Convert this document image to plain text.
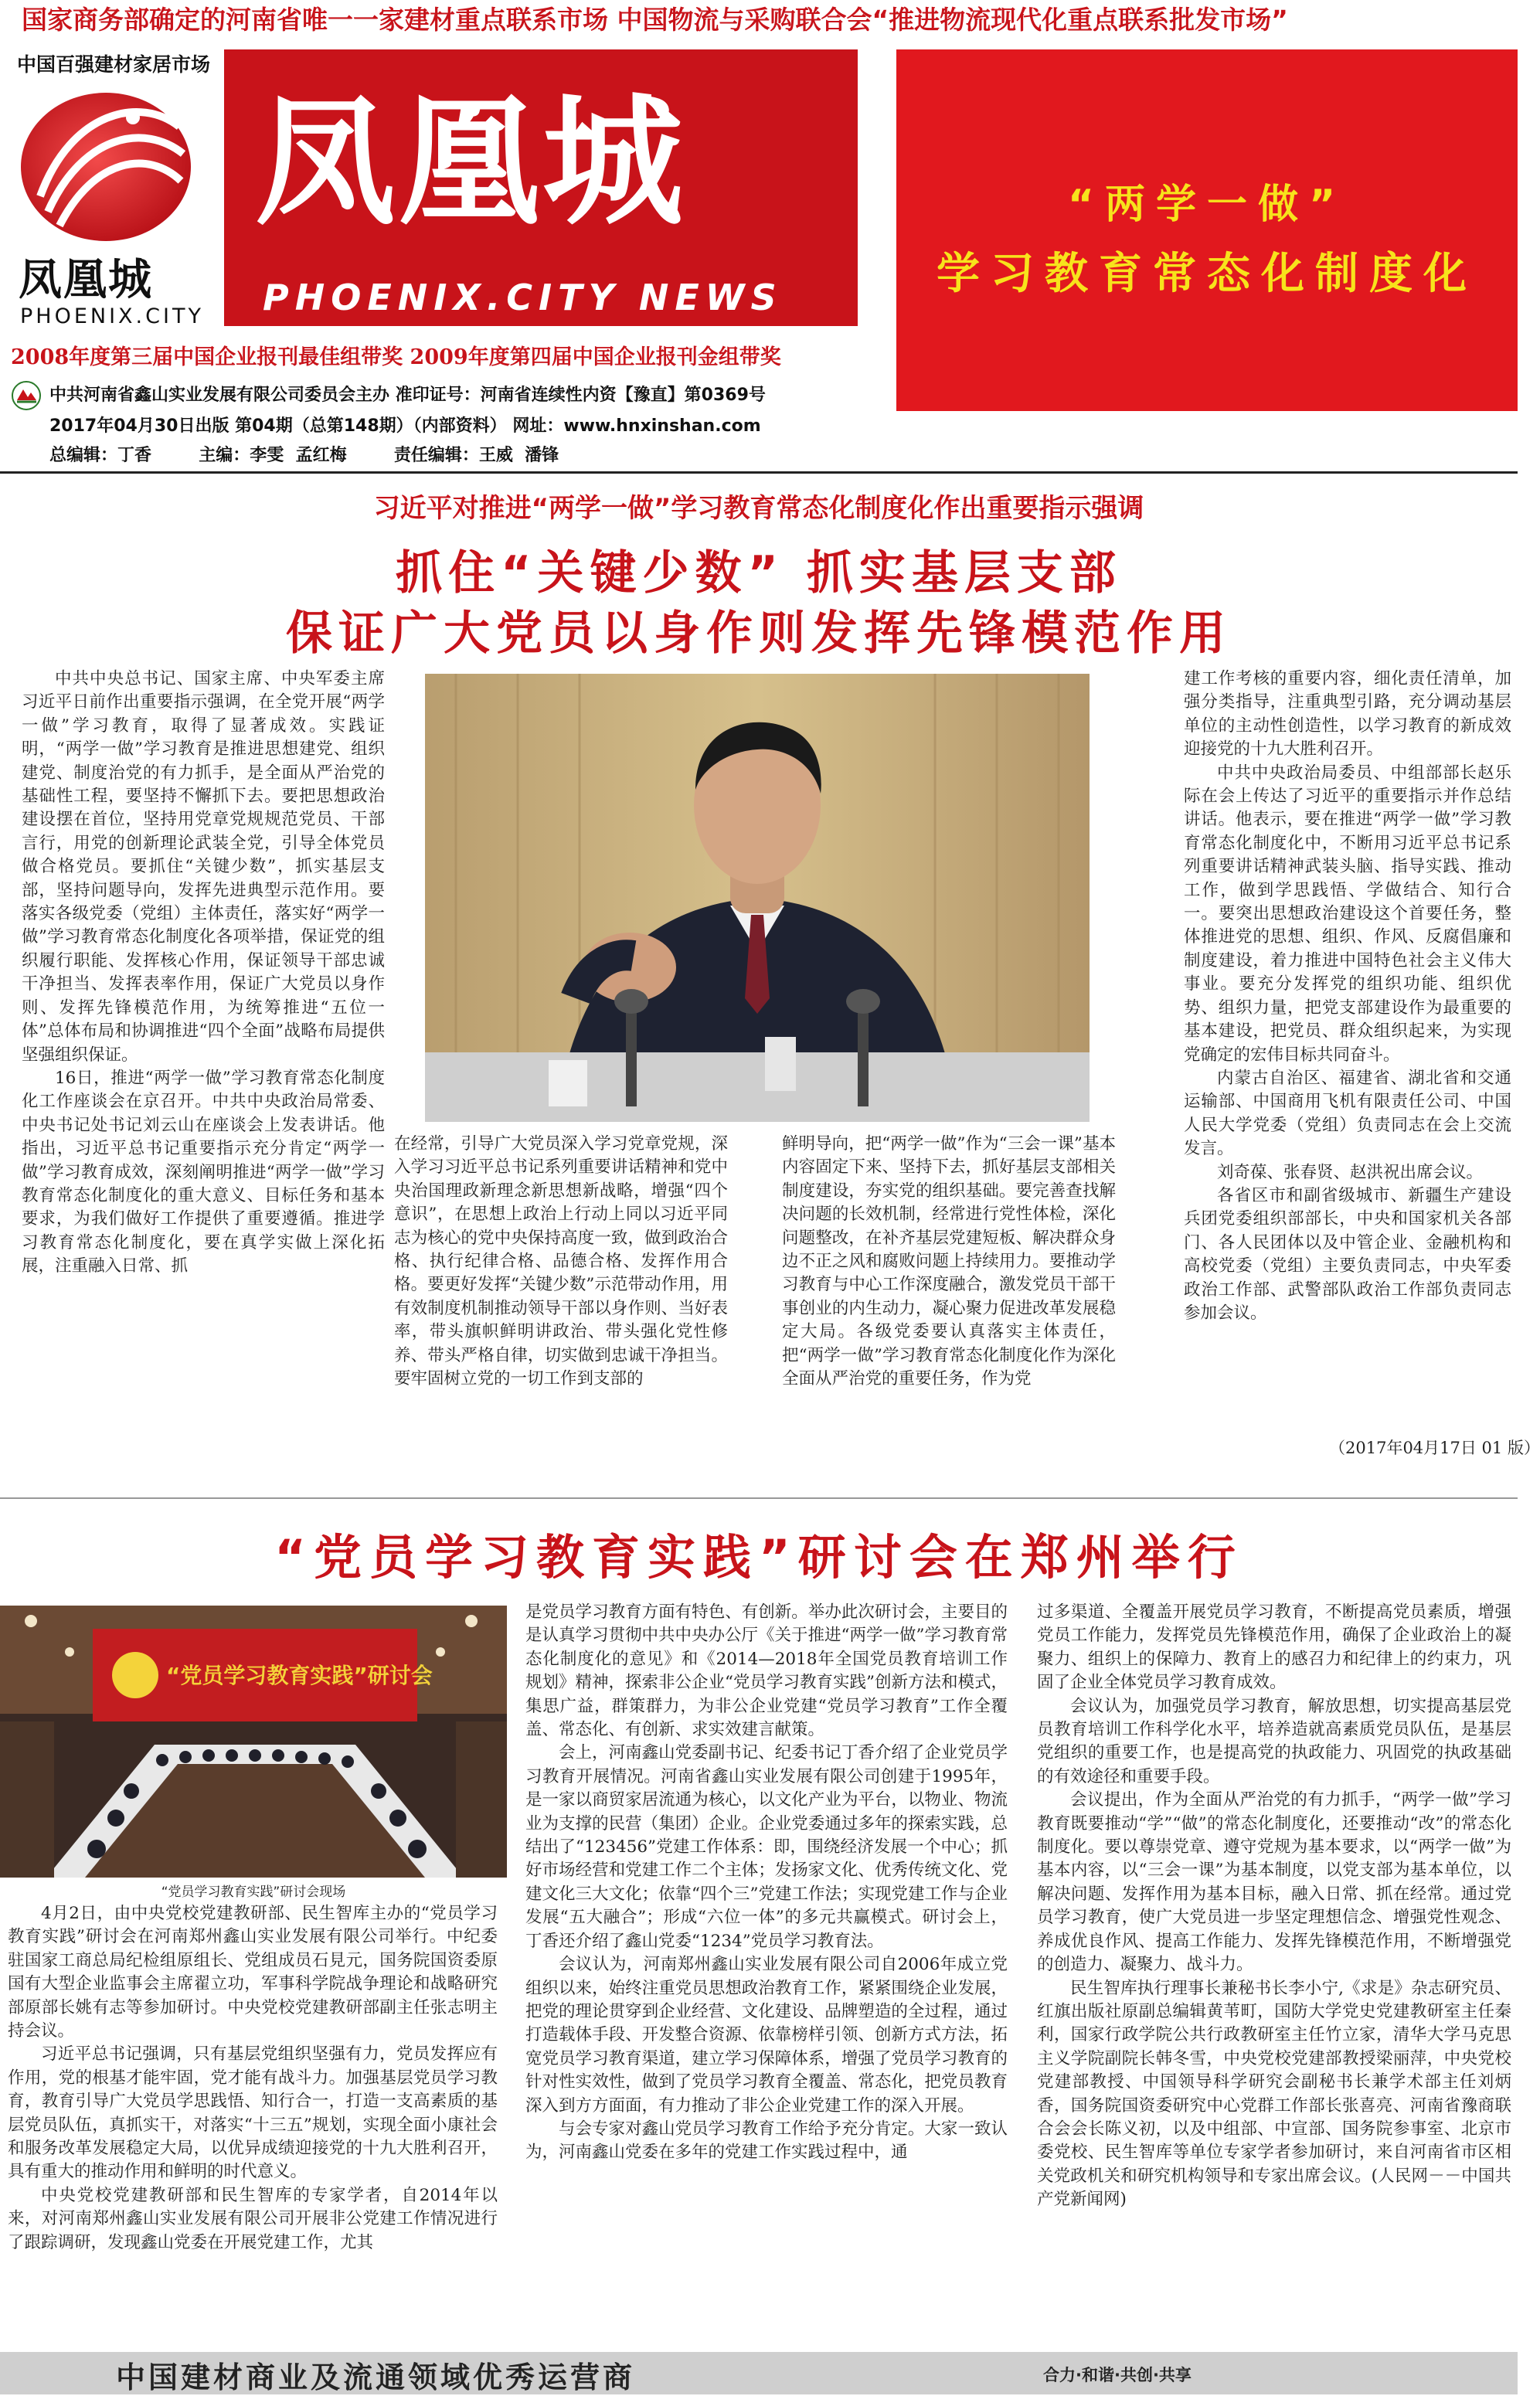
国家商务部确定的河南省唯一一家建材重点联系市场 中国物流与采购联合会“推进物流现代化重点联系批发市场”
中国百强建材家居市场
凤凰城
PHOENIX.CITY
凤凰城
PHOENIX.CITY NEWS
“两学一做”
学习教育常态化制度化
2008年度第三届中国企业报刊最佳组带奖 2009年度第四届中国企业报刊金组带奖
中共河南省鑫山实业发展有限公司委员会主办 准印证号：河南省连续性内资【豫直】第0369号
2017年04月30日出版 第04期（总第148期）（内部资料） 网址：www.hnxinshan.com
总编辑：丁香        主编：李雯  孟红梅        责任编辑：王威  潘锋
习近平对推进“两学一做”学习教育常态化制度化作出重要指示强调
抓住“关键少数” 抓实基层支部
保证广大党员以身作则发挥先锋模范作用

中共中央总书记、国家主席、中央军委主席习近平日前作出重要指示强调，在全党开展“两学一做”学习教育，取得了显著成效。实践证明，“两学一做”学习教育是推进思想建党、组织建党、制度治党的有力抓手，是全面从严治党的基础性工程，要坚持不懈抓下去。要把思想政治建设摆在首位，坚持用党章党规规范党员、干部言行，用党的创新理论武装全党，引导全体党员做合格党员。要抓住“关键少数”，抓实基层支部，坚持问题导向，发挥先进典型示范作用。要落实各级党委（党组）主体责任，落实好“两学一做”学习教育常态化制度化各项举措，保证党的组织履行职能、发挥核心作用，保证领导干部忠诚干净担当、发挥表率作用，保证广大党员以身作则、发挥先锋模范作用，为统筹推进“五位一体”总体布局和协调推进“四个全面”战略布局提供坚强组织保证。

16日，推进“两学一做”学习教育常态化制度化工作座谈会在京召开。中共中央政治局常委、中央书记处书记刘云山在座谈会上发表讲话。他指出，习近平总书记重要指示充分肯定“两学一做”学习教育成效，深刻阐明推进“两学一做”学习教育常态化制度化的重大意义、目标任务和基本要求，为我们做好工作提供了重要遵循。推进学习教育常态化制度化，要在真学实做上深化拓展，注重融入日常、抓

在经常，引导广大党员深入学习党章党规，深入学习习近平总书记系列重要讲话精神和党中央治国理政新理念新思想新战略，增强“四个意识”，在思想上政治上行动上同以习近平同志为核心的党中央保持高度一致，做到政治合格、执行纪律合格、品德合格、发挥作用合格。要更好发挥“关键少数”示范带动作用，用有效制度机制推动领导干部以身作则、当好表率，带头旗帜鲜明讲政治、带头强化党性修养、带头严格自律，切实做到忠诚干净担当。要牢固树立党的一切工作到支部的

鲜明导向，把“两学一做”作为“三会一课”基本内容固定下来、坚持下去，抓好基层支部相关制度建设，夯实党的组织基础。要完善查找解决问题的长效机制，经常进行党性体检，深化问题整改，在补齐基层党建短板、解决群众身边不正之风和腐败问题上持续用力。要推动学习教育与中心工作深度融合，激发党员干部干事创业的内生动力，凝心聚力促进改革发展稳定大局。各级党委要认真落实主体责任，把“两学一做”学习教育常态化制度化作为深化全面从严治党的重要任务，作为党

建工作考核的重要内容，细化责任清单，加强分类指导，注重典型引路，充分调动基层单位的主动性创造性，以学习教育的新成效迎接党的十九大胜利召开。

中共中央政治局委员、中组部部长赵乐际在会上传达了习近平的重要指示并作总结讲话。他表示，要在推进“两学一做”学习教育常态化制度化中，不断用习近平总书记系列重要讲话精神武装头脑、指导实践、推动工作，做到学思践悟、学做结合、知行合一。要突出思想政治建设这个首要任务，整体推进党的思想、组织、作风、反腐倡廉和制度建设，着力推进中国特色社会主义伟大事业。要充分发挥党的组织功能、组织优势、组织力量，把党支部建设作为最重要的基本建设，把党员、群众组织起来，为实现党确定的宏伟目标共同奋斗。

内蒙古自治区、福建省、湖北省和交通运输部、中国商用飞机有限责任公司、中国人民大学党委（党组）负责同志在会上交流发言。

刘奇葆、张春贤、赵洪祝出席会议。

各省区市和副省级城市、新疆生产建设兵团党委组织部部长，中央和国家机关各部门、各人民团体以及中管企业、金融机构和高校党委（党组）主要负责同志，中央军委政治工作部、武警部队政治工作部负责同志参加会议。

（2017年04月17日 01 版）
“党员学习教育实践”研讨会在郑州举行
“党员学习教育实践”研讨会
“党员学习教育实践”研讨会现场

4月2日，由中央党校党建教研部、民生智库主办的“党员学习教育实践”研讨会在河南郑州鑫山实业发展有限公司举行。中纪委驻国家工商总局纪检组原组长、党组成员石見元，国务院国资委原国有大型企业监事会主席翟立功，军事科学院战争理论和战略研究部原部长姚有志等参加研讨。中央党校党建教研部副主任张志明主持会议。

习近平总书记强调，只有基层党组织坚强有力，党员发挥应有作用，党的根基才能牢固，党才能有战斗力。加强基层党员学习教育，教育引导广大党员学思践悟、知行合一，打造一支高素质的基层党员队伍，真抓实干，对落实“十三五”规划，实现全面小康社会和服务改革发展稳定大局，以优异成绩迎接党的十九大胜利召开，具有重大的推动作用和鲜明的时代意义。

中央党校党建教研部和民生智库的专家学者，自2014年以来，对河南郑州鑫山实业发展有限公司开展非公党建工作情况进行了跟踪调研，发现鑫山党委在开展党建工作，尤其

是党员学习教育方面有特色、有创新。举办此次研讨会，主要目的是认真学习贯彻中共中央办公厅《关于推进“两学一做”学习教育常态化制度化的意见》和《2014—2018年全国党员教育培训工作规划》精神，探索非公企业“党员学习教育实践”创新方法和模式，集思广益，群策群力，为非公企业党建“党员学习教育”工作全覆盖、常态化、有创新、求实效建言献策。

会上，河南鑫山党委副书记、纪委书记丁香介绍了企业党员学习教育开展情况。河南省鑫山实业发展有限公司创建于1995年，是一家以商贸家居流通为核心，以文化产业为平台，以物业、物流业为支撑的民营（集团）企业。企业党委通过多年的探索实践，总结出了“123456”党建工作体系：即，围绕经济发展一个中心；抓好市场经营和党建工作二个主体；发扬家文化、优秀传统文化、党建文化三大文化；依靠“四个三”党建工作法；实现党建工作与企业发展“五大融合”；形成“六位一体”的多元共赢模式。研讨会上，丁香还介绍了鑫山党委“1234”党员学习教育法。

会议认为，河南郑州鑫山实业发展有限公司自2006年成立党组织以来，始终注重党员思想政治教育工作，紧紧围绕企业发展，把党的理论贯穿到企业经营、文化建设、品牌塑造的全过程，通过打造载体手段、开发整合资源、依靠榜样引领、创新方式方法，拓宽党员学习教育渠道，建立学习保障体系，增强了党员学习教育的针对性实效性，做到了党员学习教育全覆盖、常态化，把党员教育深入到方方面面，有力推动了非公企业党建工作的深入开展。

与会专家对鑫山党员学习教育工作给予充分肯定。大家一致认为，河南鑫山党委在多年的党建工作实践过程中，通

过多渠道、全覆盖开展党员学习教育，不断提高党员素质，增强党员工作能力，发挥党员先锋模范作用，确保了企业政治上的凝聚力、组织上的保障力、教育上的感召力和纪律上的约束力，巩固了企业全体党员学习教育成效。

会议认为，加强党员学习教育，解放思想，切实提高基层党员教育培训工作科学化水平，培养造就高素质党员队伍，是基层党组织的重要工作，也是提高党的执政能力、巩固党的执政基础的有效途径和重要手段。

会议提出，作为全面从严治党的有力抓手，“两学一做”学习教育既要推动“学”“做”的常态化制度化，还要推动“改”的常态化制度化。要以尊崇党章、遵守党规为基本要求，以“两学一做”为基本内容，以“三会一课”为基本制度，以党支部为基本单位，以解决问题、发挥作用为基本目标，融入日常、抓在经常。通过党员学习教育，使广大党员进一步坚定理想信念、增强党性观念、养成优良作风、提高工作能力、发挥先锋模范作用，不断增强党的创造力、凝聚力、战斗力。

民生智库执行理事长兼秘书长李小宁,《求是》杂志研究员、红旗出版社原副总编辑黄苇町，国防大学党史党建教研室主任秦利，国家行政学院公共行政教研室主任竹立家，清华大学马克思主义学院副院长韩冬雪，中央党校党建部教授梁丽萍，中央党校党建部教授、中国领导科学研究会副秘书长兼学术部主任刘炳香，国务院国资委研究中心党群工作部长张喜亮、河南省豫商联合会会长陈义初，以及中组部、中宣部、国务院参事室、北京市委党校、民生智库等单位专家学者参加研讨，来自河南省市区相关党政机关和研究机构领导和专家出席会议。(人民网－－中国共产党新闻网)

中国建材商业及流通领域优秀运营商	合力·和谐·共创·共享
